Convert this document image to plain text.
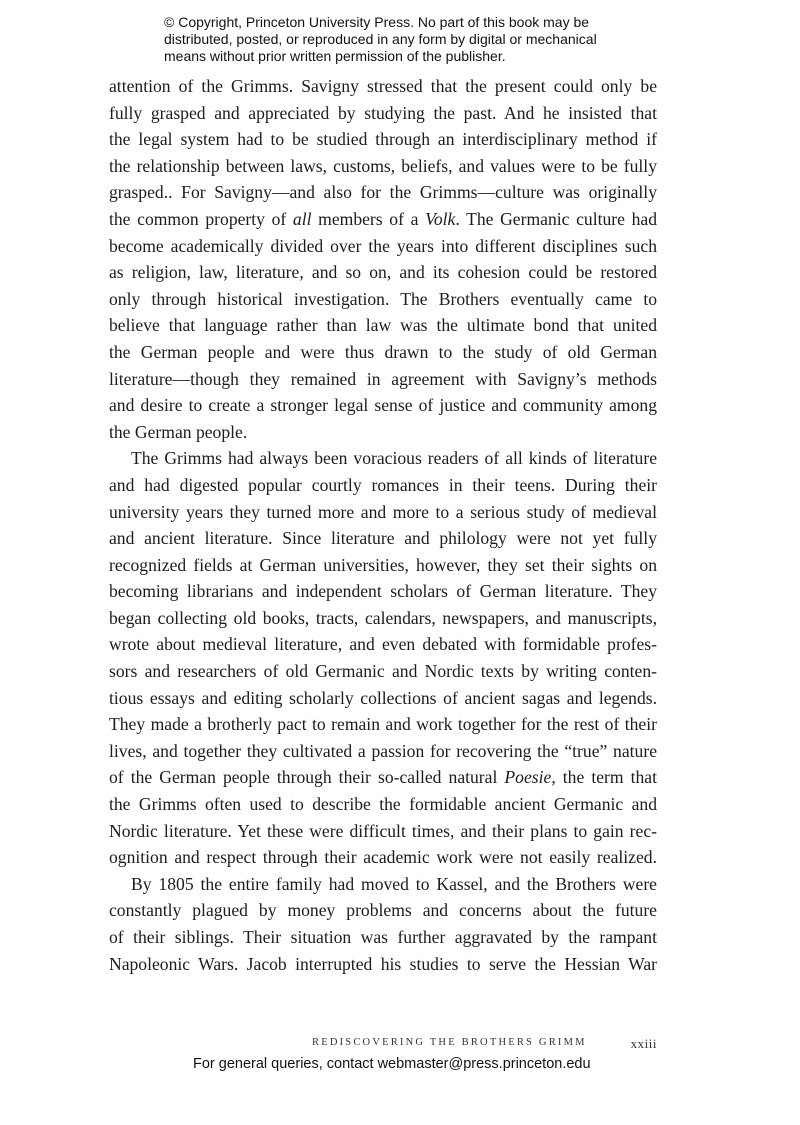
© Copyright, Princeton University Press. No part of this book may be
distributed, posted, or reproduced in any form by digital or mechanical
means without prior written permission of the publisher.
attention of the Grimms. Savigny stressed that the present could only be
fully grasped and appreciated by studying the past. And he insisted that
the legal system had to be studied through an interdisciplinary method if
the relationship between laws, customs, beliefs, and values were to be fully
grasped.. For Savigny—and also for the Grimms—culture was originally
the common property of all members of a Volk. The Germanic culture had
become academically divided over the years into different disciplines such
as religion, law, literature, and so on, and its cohesion could be restored
only through historical investigation. The Brothers eventually came to
believe that language rather than law was the ultimate bond that united
the German people and were thus drawn to the study of old German
literature—though they remained in agreement with Savigny’s methods
and desire to create a stronger legal sense of justice and community among
the German people.
The Grimms had always been voracious readers of all kinds of literature
and had digested popular courtly romances in their teens. During their
university years they turned more and more to a serious study of medieval
and ancient literature. Since literature and philology were not yet fully
recognized fields at German universities, however, they set their sights on
becoming librarians and independent scholars of German literature. They
began collecting old books, tracts, calendars, newspapers, and manuscripts,
wrote about medieval literature, and even debated with formidable profes-
sors and researchers of old Germanic and Nordic texts by writing conten-
tious essays and editing scholarly collections of ancient sagas and legends.
They made a brotherly pact to remain and work together for the rest of their
lives, and together they cultivated a passion for recovering the “true” nature
of the German people through their so-called natural Poesie, the term that
the Grimms often used to describe the formidable ancient Germanic and
Nordic literature. Yet these were difficult times, and their plans to gain rec-
ognition and respect through their academic work were not easily realized.
By 1805 the entire family had moved to Kassel, and the Brothers were
constantly plagued by money problems and concerns about the future
of their siblings. Their situation was further aggravated by the rampant
Napoleonic Wars. Jacob interrupted his studies to serve the Hessian War
REDISCOVERING THE BROTHERS GRIMM	xxiii
For general queries, contact webmaster@press.princeton.edu
